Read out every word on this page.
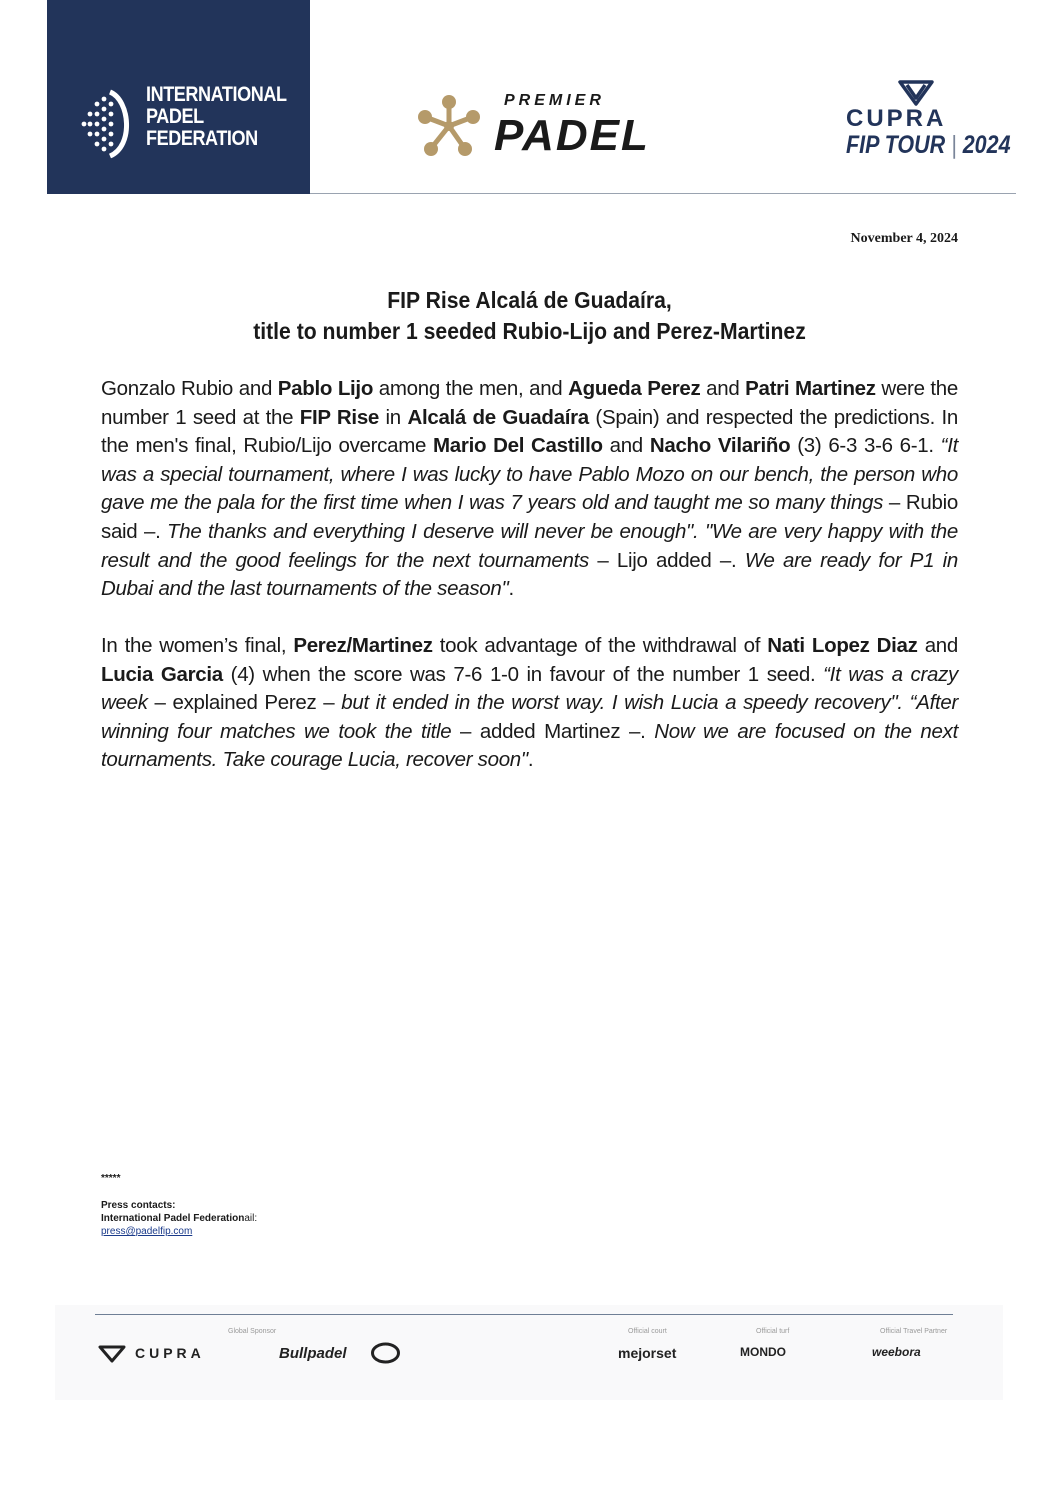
INTERNATIONAL
PADEL
FEDERATION
PREMIER
PADEL	CUPRA
FIP TOUR | 2024
November 4, 2024
FIP Rise Alcalá de Guadaíra,
title to number 1 seeded Rubio-Lijo and Perez-Martinez
Gonzalo Rubio and Pablo Lijo among the men, and Agueda Perez and Patri Martinez were the number 1 seed at the FIP Rise in Alcalá de Guadaíra (Spain) and respected the predictions. In the men's final, Rubio/Lijo overcame Mario Del Castillo and Nacho Vilariño (3) 6-3 3-6 6-1. “It was a special tournament, where I was lucky to have Pablo Mozo on our bench, the person who gave me the pala for the first time when I was 7 years old and taught me so many things – Rubio said –. The thanks and everything I deserve will never be enough". "We are very happy with the result and the good feelings for the next tournaments – Lijo added –. We are ready for P1 in Dubai and the last tournaments of the season".
In the women’s final, Perez/Martinez took advantage of the withdrawal of Nati Lopez Diaz and Lucia Garcia (4) when the score was 7-6 1-0 in favour of the number 1 seed. “It was a crazy week – explained Perez – but it ended in the worst way. I wish Lucia a speedy recovery". “After winning four matches we took the title – added Martinez –. Now we are focused on the next tournaments. Take courage Lucia, recover soon".
*****
Press contacts:
International Padel Federationail:
press@padelfip.com
Global Sponsor
CUPRA	Bullpadel
Official court
mejorset
Official turf
MONDO
Official Travel Partner
weebora
